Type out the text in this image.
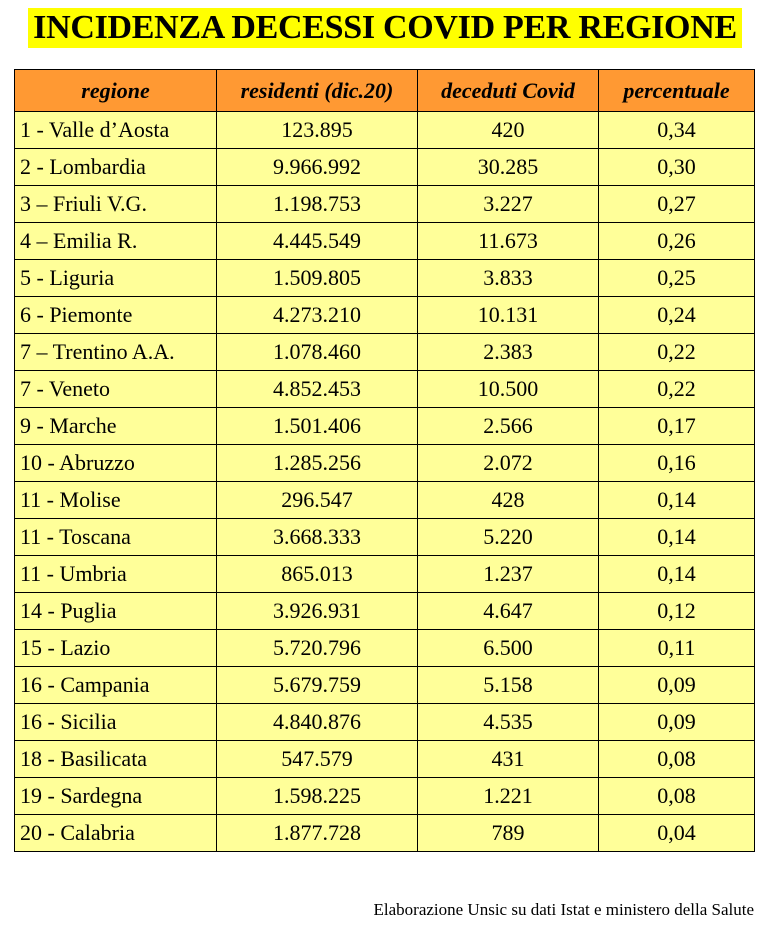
INCIDENZA DECESSI COVID PER REGIONE
regione	residenti (dic.20)	deceduti Covid	percentuale
1 - Valle d’Aosta	123.895	420	0,34
2 - Lombardia	9.966.992	30.285	0,30
3 – Friuli V.G.	1.198.753	3.227	0,27
4 – Emilia R.	4.445.549	11.673	0,26
5 - Liguria	1.509.805	3.833	0,25
6 - Piemonte	4.273.210	10.131	0,24
7 – Trentino A.A.	1.078.460	2.383	0,22
7 - Veneto	4.852.453	10.500	0,22
9 - Marche	1.501.406	2.566	0,17
10 - Abruzzo	1.285.256	2.072	0,16
11 - Molise	296.547	428	0,14
11 - Toscana	3.668.333	5.220	0,14
11 - Umbria	865.013	1.237	0,14
14 - Puglia	3.926.931	4.647	0,12
15 - Lazio	5.720.796	6.500	0,11
16 - Campania	5.679.759	5.158	0,09
16 - Sicilia	4.840.876	4.535	0,09
18 - Basilicata	547.579	431	0,08
19 - Sardegna	1.598.225	1.221	0,08
20 - Calabria	1.877.728	789	0,04
Elaborazione Unsic su dati Istat e ministero della Salute
